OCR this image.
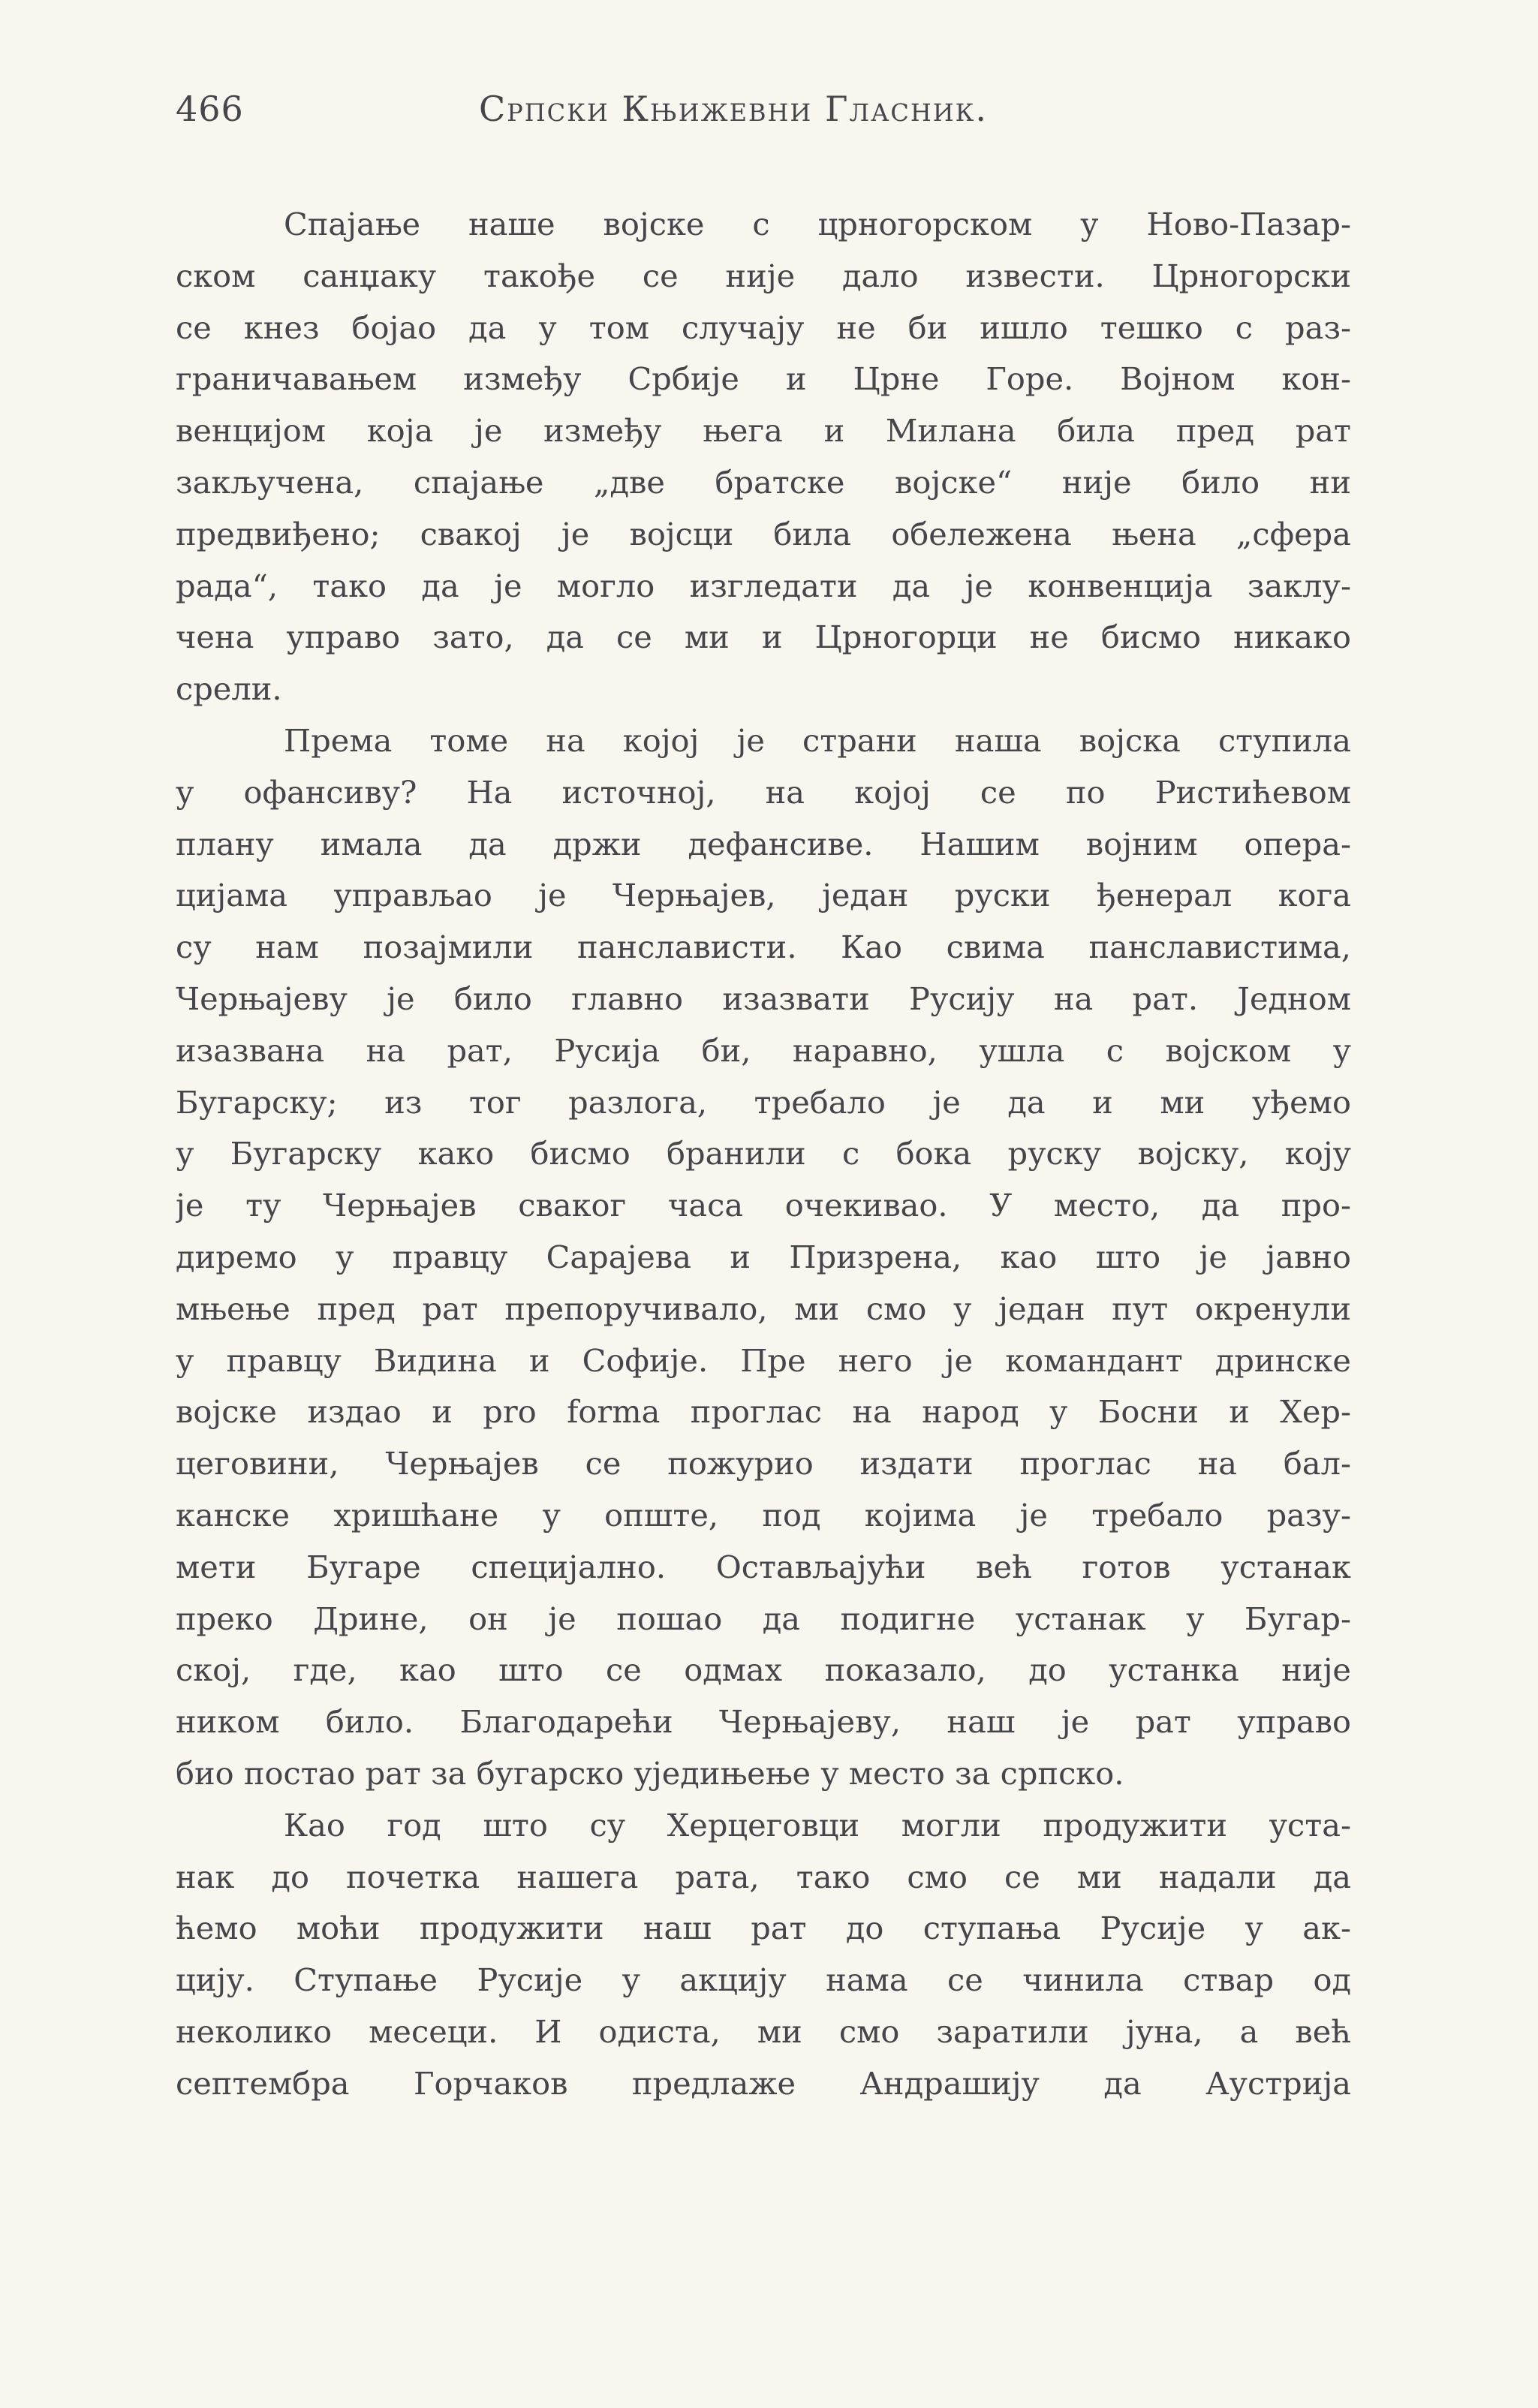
466	Српски Књижевни Гласник.
Спајање наше војске с црногорском у Ново-Пазар-
ском санџаку такође се није дало извести. Црногорски
се кнез бојао да у том случају не би ишло тешко с раз-
граничавањем између Србије и Црне Горе. Војном кон-
венцијом која је између њега и Милана била пред рат
закључена, спајање „две братске војске“ није било ни
предвиђено; свакој је војсци била обележена њена „сфера
рада“, тако да је могло изгледати да је конвенција заклу-
чена управо зато, да се ми и Црногорци не бисмо никако
срели.
Према томе на којој је страни наша војска ступила
у офансиву? На источној, на којој се по Ристићевом
плану имала да држи дефансиве. Нашим војним опера-
цијама управљао је Черњајев, један руски ђенерал кога
су нам позајмили панслависти. Као свима панславистима,
Черњајеву је било главно изазвати Русију на рат. Једном
изазвана на рат, Русија би, наравно, ушла с војском у
Бугарску; из тог разлога, требало је да и ми уђемо
у Бугарску како бисмо бранили с бока руску војску, коју
је ту Черњајев сваког часа очекивао. У место, да про-
диремо у правцу Сарајева и Призрена, као што је јавно
мњење пред рат препоручивало, ми смо у један пут окренули
у правцу Видина и Софије. Пре него је командант дринске
војске издао и pro forma проглас на народ у Босни и Хер-
цеговини, Черњајев се пожурио издати проглас на бал-
канске хришћане у опште, под којима је требало разу-
мети Бугаре специјално. Остављајући већ готов устанак
преко Дрине, он је пошао да подигне устанак у Бугар-
ској, где, као што се одмах показало, до устанка није
ником било. Благодарећи Черњајеву, наш је рат управо
био постао рат за бугарско уједињење у место за српско.
Као год што су Херцеговци могли продужити уста-
нак до почетка нашега рата, тако смо се ми надали да
ћемо моћи продужити наш рат до ступања Русије у ак-
цију. Ступање Русије у акцију нама се чинила ствар од
неколико месеци. И одиста, ми смо заратили јуна, а већ
септембра Горчаков предлаже Андрашију да Аустрија
